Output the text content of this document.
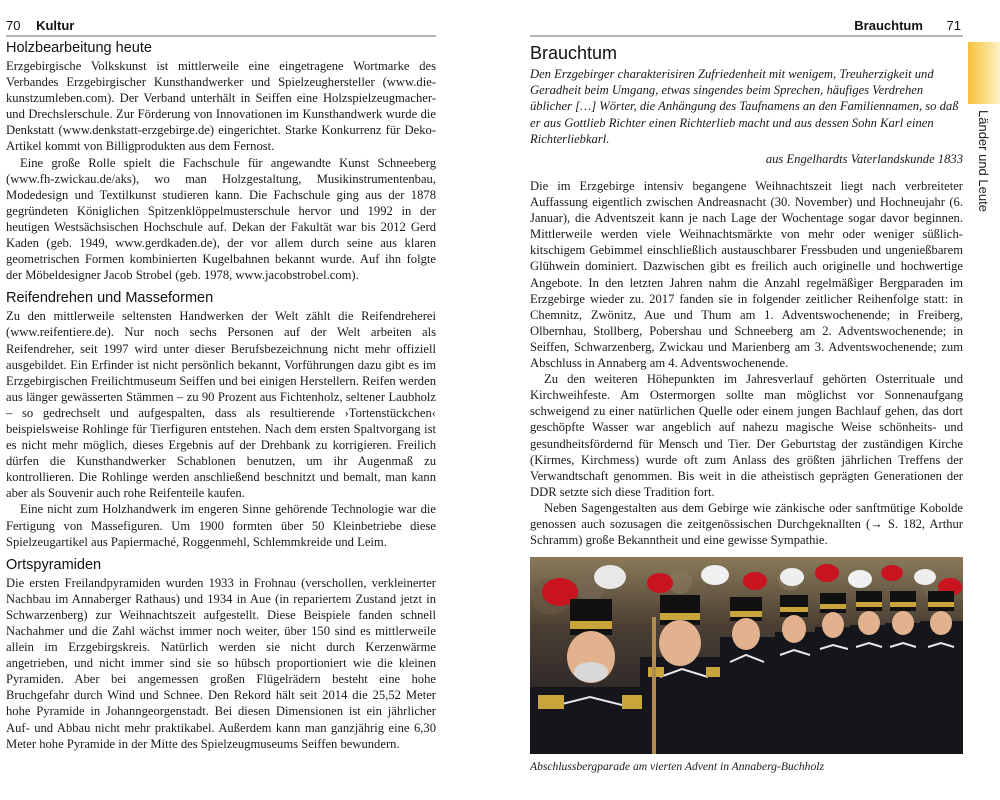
70 Kultur
Holzbearbeitung heute

Erzgebirgische Volkskunst ist mittlerweile eine eingetragene Wortmarke des Verbandes Erzgebirgischer Kunsthandwerker und Spielzeughersteller (www.die-kunstzumleben.com). Der Verband unterhält in Seiffen eine Holzspielzeugmacher- und Drechslerschule. Zur Förderung von Innovationen im Kunsthandwerk wurde die Denkstatt (www.denkstatt-erzgebirge.de) eingerichtet. Starke Konkurrenz für Deko-Artikel kommt von Billigprodukten aus dem Fernost.

Eine große Rolle spielt die Fachschule für angewandte Kunst Schneeberg (www.fh-zwickau.de/aks), wo man Holzgestaltung, Musikinstrumentenbau, Modedesign und Textilkunst studieren kann. Die Fachschule ging aus der 1878 gegründeten Königlichen Spitzenklöppelmusterschule hervor und 1992 in der heutigen Westsächsischen Hochschule auf. Dekan der Fakultät war bis 2012 Gerd Kaden (geb. 1949, www.gerdkaden.de), der vor allem durch seine aus klaren geometrischen Formen kombinierten Kugelbahnen bekannt wurde. Auf ihn folgte der Möbeldesigner Jacob Strobel (geb. 1978, www.jacobstrobel.com).

Reifendrehen und Masseformen

Zu den mittlerweile seltensten Handwerken der Welt zählt die Reifendreherei (www.reifentiere.de). Nur noch sechs Personen auf der Welt arbeiten als Reifendreher, seit 1997 wird unter dieser Berufsbezeichnung nicht mehr offiziell ausgebildet. Ein Erfinder ist nicht persönlich bekannt, Vorführungen dazu gibt es im Erzgebirgischen Freilichtmuseum Seiffen und bei einigen Herstellern. Reifen werden aus länger gewässerten Stämmen – zu 90 Prozent aus Fichtenholz, seltener Laubholz – so gedrechselt und aufgespalten, dass als resultierende ›Tortenstückchen‹ beispielsweise Rohlinge für Tierfiguren entstehen. Nach dem ersten Spaltvorgang ist es nicht mehr möglich, dieses Ergebnis auf der Drehbank zu korrigieren. Freilich dürfen die Kunsthandwerker Schablonen benutzen, um ihr Augenmaß zu kontrollieren. Die Rohlinge werden anschließend beschnitzt und bemalt, man kann aber als Souvenir auch rohe Reifenteile kaufen.

Eine nicht zum Holzhandwerk im engeren Sinne gehörende Technologie war die Fertigung von Massefiguren. Um 1900 formten über 50 Kleinbetriebe diese Spielzeugartikel aus Papiermaché, Roggenmehl, Schlemmkreide und Leim.

Ortspyramiden

Die ersten Freilandpyramiden wurden 1933 in Frohnau (verschollen, verkleinerter Nachbau im Annaberger Rathaus) und 1934 in Aue (in repariertem Zustand jetzt in Schwarzenberg) zur Weihnachtszeit aufgestellt. Diese Beispiele fanden schnell Nachahmer und die Zahl wächst immer noch weiter, über 150 sind es mittlerweile allein im Erzgebirgskreis. Natürlich werden sie nicht durch Kerzenwärme angetrieben, und nicht immer sind sie so hübsch proportioniert wie die kleinen Pyramiden. Aber bei angemessen großen Flügelrädern besteht eine hohe Bruchgefahr durch Wind und Schnee. Den Rekord hält seit 2014 die 25,52 Meter hohe Pyramide in Johanngeorgenstadt. Bei diesen Dimensionen ist ein jährlicher Auf- und Abbau nicht mehr praktikabel. Außerdem kann man ganzjährig eine 6,30 Meter hohe Pyramide in der Mitte des Spielzeugmuseums Seiffen bewundern.

Brauchtum 71
Brauchtum

Den Erzgebirger charakterisiren Zufriedenheit mit wenigem, Treuherzigkeit und Geradheit beim Umgang, etwas singendes beim Sprechen, häufiges Verdrehen üblicher […] Wörter, die Anhängung des Taufnamens an den Familiennamen, so daß er aus Gottlieb Richter einen Richterlieb macht und aus dessen Sohn Karl einen Richterliebkarl.

aus Engelhardts Vaterlandskunde 1833

Die im Erzgebirge intensiv begangene Weihnachtszeit liegt nach verbreiteter Auffassung eigentlich zwischen Andreasnacht (30. November) und Hochneujahr (6. Januar), die Adventszeit kann je nach Lage der Wochentage sogar davor beginnen. Mittlerweile werden viele Weihnachtsmärkte von mehr oder weniger süßlich-kitschigem Gebimmel einschließlich austauschbarer Fressbuden und ungenießbarem Glühwein dominiert. Dazwischen gibt es freilich auch originelle und hochwertige Angebote. In den letzten Jahren nahm die Anzahl regelmäßiger Bergparaden im Erzgebirge wieder zu. 2017 fanden sie in folgender zeitlicher Reihenfolge statt: in Chemnitz, Zwönitz, Aue und Thum am 1. Adventswochenende; in Freiberg, Olbernhau, Stollberg, Pobershau und Schneeberg am 2. Adventswochenende; in Seiffen, Schwarzenberg, Zwickau und Marienberg am 3. Adventswochenende; zum Abschluss in Annaberg am 4. Adventswochenende.

Zu den weiteren Höhepunkten im Jahresverlauf gehörten Osterrituale und Kirchweihfeste. Am Ostermorgen sollte man möglichst vor Sonnenaufgang schweigend zu einer natürlichen Quelle oder einem jungen Bachlauf gehen, das dort geschöpfte Wasser war angeblich auf nahezu magische Weise schönheits- und gesundheitsfördernd für Mensch und Tier. Der Geburtstag der zuständigen Kirche (Kirmes, Kirchmess) wurde oft zum Anlass des größten jährlichen Treffens der Verwandtschaft genommen. Bis weit in die atheistisch geprägten Generationen der DDR setzte sich diese Tradition fort.

Neben Sagengestalten aus dem Gebirge wie zänkische oder sanftmütige Kobolde genossen auch sozusagen die zeitgenössischen Durchgeknallten (→ S. 182, Arthur Schramm) große Bekanntheit und eine gewisse Sympathie.

Abschlussbergparade am vierten Advent in Annaberg-Buchholz
Länder und Leute
